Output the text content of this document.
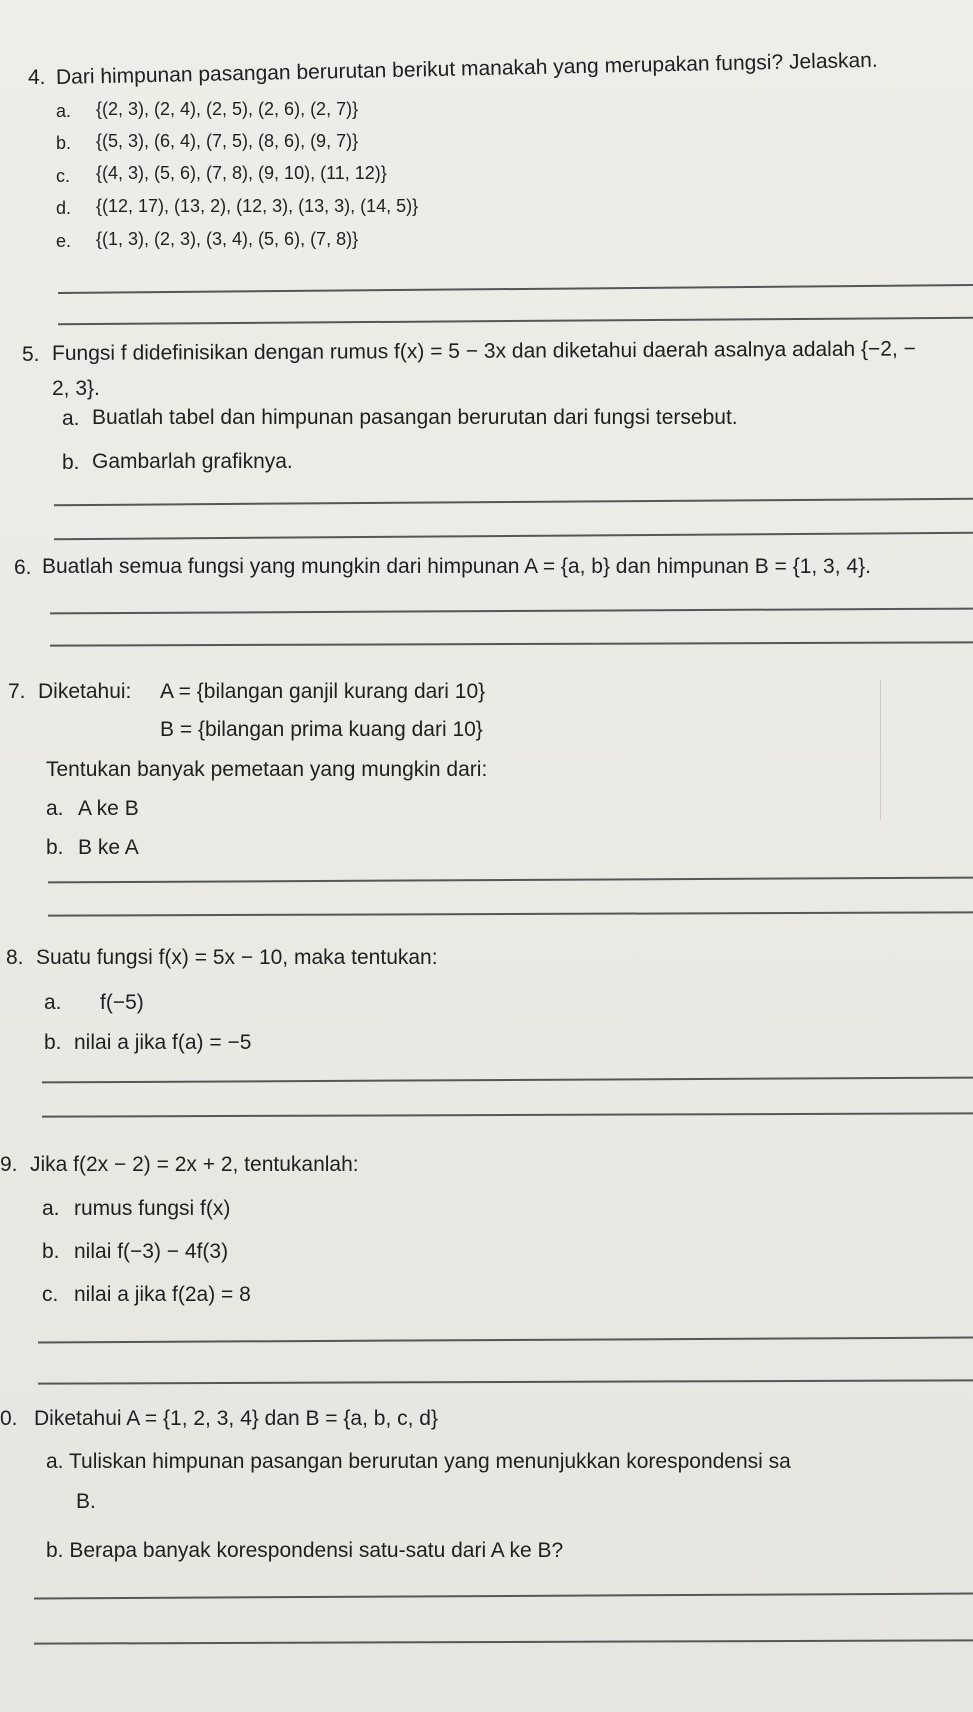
4. Dari himpunan pasangan berurutan berikut manakah yang merupakan fungsi? Jelaskan.
a. {(2, 3), (2, 4), (2, 5), (2, 6), (2, 7)}
b. {(5, 3), (6, 4), (7, 5), (8, 6), (9, 7)}
c. {(4, 3), (5, 6), (7, 8), (9, 10), (11, 12)}
d. {(12, 17), (13, 2), (12, 3), (13, 3), (14, 5)}
e. {(1, 3), (2, 3), (3, 4), (5, 6), (7, 8)}
5. Fungsi f didefinisikan dengan rumus f(x) = 5 − 3x dan diketahui daerah asalnya adalah {−2, −
2, 3}.
a. Buatlah tabel dan himpunan pasangan berurutan dari fungsi tersebut.
b. Gambarlah grafiknya.
6. Buatlah semua fungsi yang mungkin dari himpunan A = {a, b} dan himpunan B = {1, 3, 4}.
7. Diketahui: A = {bilangan ganjil kurang dari 10}
B = {bilangan prima kuang dari 10}
Tentukan banyak pemetaan yang mungkin dari:
a. A ke B
b. B ke A
8. Suatu fungsi f(x) = 5x − 10, maka tentukan:
a. f(−5)
b. nilai a jika f(a) = −5
9. Jika f(2x − 2) = 2x + 2, tentukanlah:
a. rumus fungsi f(x)
b. nilai f(−3) − 4f(3)
c. nilai a jika f(2a) = 8
0. Diketahui A = {1, 2, 3, 4} dan B = {a, b, c, d}
a. Tuliskan himpunan pasangan berurutan yang menunjukkan korespondensi sa
B.
b. Berapa banyak korespondensi satu-satu dari A ke B?
